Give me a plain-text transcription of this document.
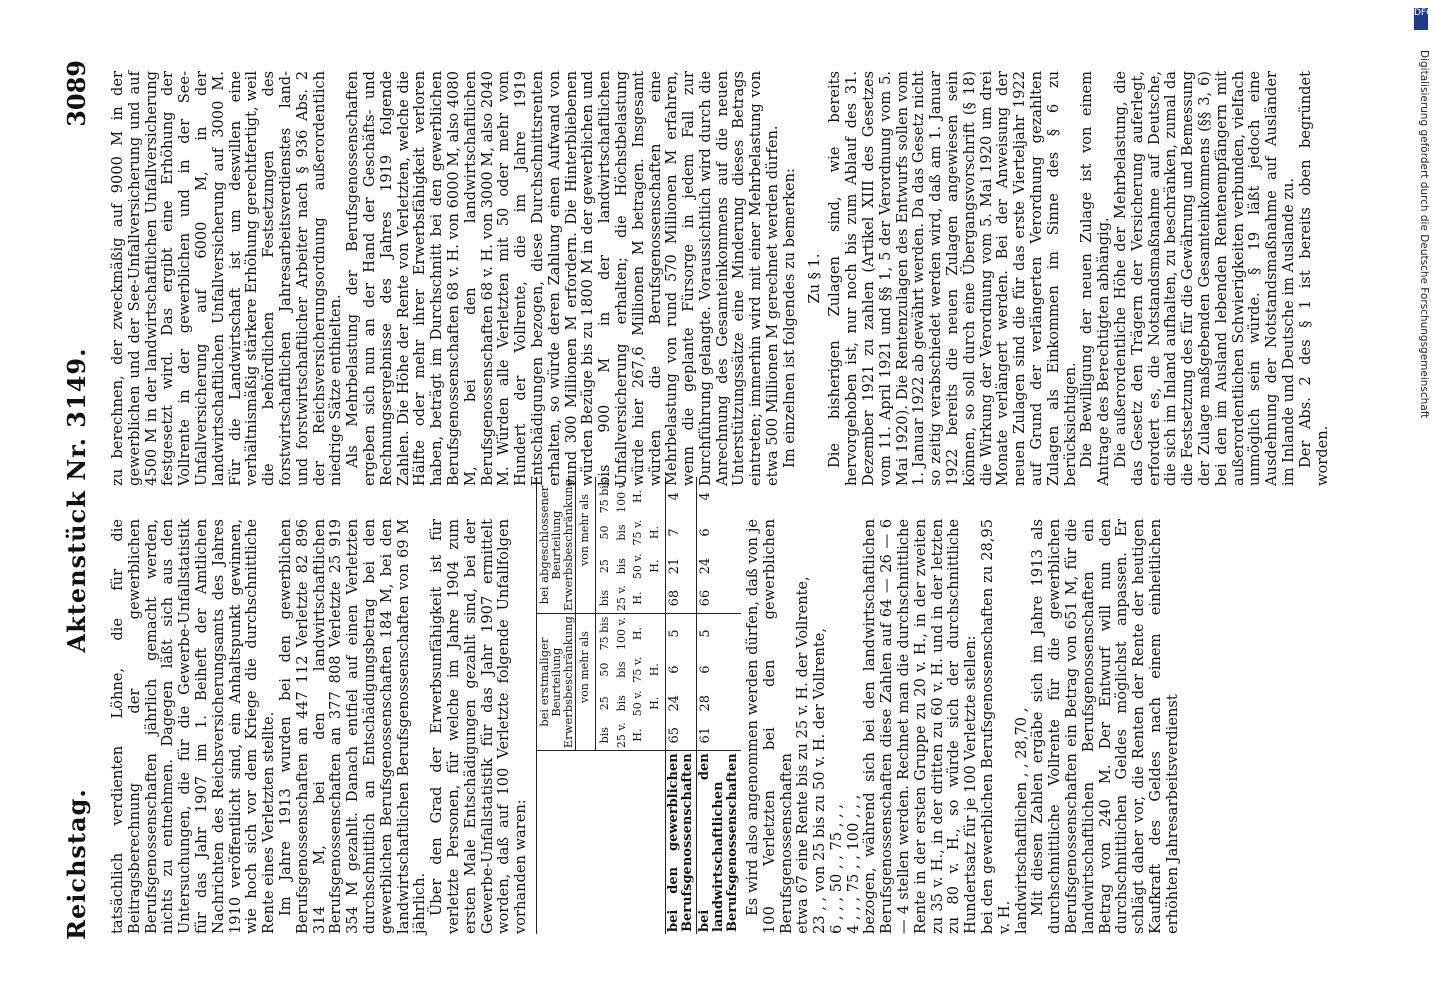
Reichstag.
Aktenstück Nr. 3149.
3089

tatsächlich verdienten Löhne, die für die Beitragsberechnung der gewerblichen Berufsgenossenschaften jährlich gemacht werden, nichts zu entnehmen. Dagegen läßt sich aus den Untersuchungen, die für die Gewerbe-Unfallstatistik für das Jahr 1907 im 1. Beiheft der Amtlichen Nachrichten des Reichsversicherungsamts des Jahres 1910 veröffentlicht sind, ein Anhaltspunkt gewinnen, wie hoch sich vor dem Kriege die durchschnittliche Rente eines Verletzten stellte. Im Jahre 1913 wurden bei den gewerblichen Berufsgenossenschaften an 447 112 Verletzte 82 896 314 M, bei den landwirtschaftlichen Berufsgenossenschaften an 377 808 Verletzte 25 919 354 M gezahlt. Danach entfiel auf einen Verletzten durchschnittlich an Entschädigungsbetrag bei den gewerblichen Berufsgenossenschaften 184 M, bei den landwirtschaftlichen Berufsgenossenschaften von 69 M jährlich. Über den Grad der Erwerbsunfähigkeit ist für verletzte Personen, für welche im Jahre 1904 zum ersten Male Entschädigungen gezahlt sind, bei der Gewerbe-Unfallstatistik für das Jahr 1907 ermittelt worden, daß auf 100 Verletzte folgende Unfallfolgen vorhanden waren:

	bei erstmaliger Beurteilung
Erwerbsbeschränkung				bei abgeschlossener Beurteilung
Erwerbsbeschränkung			
		von mehr als				von mehr als		
	bis 25 v. H.	25 bis 50 v. H.	50 bis 75 v. H.	75 bis 100 v. H.	bis 25 v. H.	25 bis 50 v. H.	50 bis 75 v. H.	75 bis 100 v. H.
bei den gewerblichen Berufsgenossenschaften	65	24	6	5	68	21	7	4
bei den landwirtschaftlichen Berufsgenossenschaften	61	28	6	5	66	24	6	4

Es wird also angenommen werden dürfen, daß von je 100 Verletzten bei den gewerblichen Berufsgenossenschaften etwa 67 eine Rente bis zu 25 v. H. der Vollrente, 23 , , von 25 bis zu 50 v. H. der Vollrente, 6 , , , 50 , , 75 , , , 4 , , , 75 , , 100 , , , bezogen, während sich bei den landwirtschaftlichen Berufsgenossenschaften diese Zahlen auf 64 — 26 — 6 — 4 stellen werden. Rechnet man die durchschnittliche Rente in der ersten Gruppe zu 20 v. H., in der zweiten zu 35 v. H., in der dritten zu 60 v. H. und in der letzten zu 80 v. H., so würde sich der durchschnittliche Hundertsatz für je 100 Verletzte stellen: bei den gewerblichen Berufsgenossenschaften zu 28,95 v. H. landwirtschaftlichen , , 28,70 , Mit diesen Zahlen ergäbe sich im Jahre 1913 als durchschnittliche Vollrente für die gewerblichen Berufsgenossenschaften ein Betrag von 651 M, für die landwirtschaftlichen Berufsgenossenschaften ein Betrag von 240 M. Der Entwurf will nun den durchschnittlichen Geldes möglichst anpassen. Er schlägt daher vor, die Renten der Rente der heutigen Kaufkraft des Geldes nach einem einheitlichen erhöhten Jahresarbeitsverdienst

zu berechnen, der zweckmäßig auf 9000 M in der gewerblichen und der See-Unfallversicherung und auf 4500 M in der landwirtschaftlichen Unfallversicherung festgesetzt wird. Das ergibt eine Erhöhung der Vollrente in der gewerblichen und in der See-Unfallversicherung auf 6000 M, in der landwirtschaftlichen Unfallversicherung auf 3000 M. Für die Landwirtschaft ist um deswillen eine verhältnismäßig stärkere Erhöhung gerechtfertigt, weil die behördlichen Festsetzungen des forstwirtschaftlichen Jahresarbeitsverdienstes land- und forstwirtschaftlicher Arbeiter nach § 936 Abs. 2 der Reichsversicherungsordnung außerordentlich niedrige Sätze enthielten. Als Mehrbelastung der Berufsgenossenschaften ergeben sich nun an der Hand der Geschäfts- und Rechnungsergebnisse des Jahres 1919 folgende Zahlen. Die Höhe der Rente von Verletzten, welche die Hälfte oder mehr ihrer Erwerbsfähigkeit verloren haben, beträgt im Durchschnitt bei den gewerblichen Berufsgenossenschaften 68 v. H. von 6000 M, also 4080 M, bei den landwirtschaftlichen Berufsgenossenschaften 68 v. H. von 3000 M, also 2040 M. Würden alle Verletzten mit 50 oder mehr vom Hundert der Vollrente, die im Jahre 1919 Entschädigungen bezogen, diese Durchschnittsrenten erhalten, so würde deren Zahlung einen Aufwand von rund 300 Millionen M erfordern. Die Hinterbliebenen würden Bezüge bis zu 1800 M in der gewerblichen und bis 900 M in der landwirtschaftlichen Unfallversicherung erhalten; die Höchstbelastung würde hier 267,6 Millionen M betragen. Insgesamt würden die Berufsgenossenschaften eine Mehrbelastung von rund 570 Millionen M erfahren, wenn die geplante Fürsorge in jedem Fall zur Durchführung gelangte. Voraussichtlich wird durch die Anrechnung des Gesamteinkommens auf die neuen Unterstützungssätze eine Minderung dieses Betrags eintreten; immerhin wird mit einer Mehrbelastung von etwa 500 Millionen M gerechnet werden dürfen. Im einzelnen ist folgendes zu bemerken: Zu § 1. Die bisherigen Zulagen sind, wie bereits hervorgehoben ist, nur noch bis zum Ablauf des 31. Dezember 1921 zu zahlen (Artikel XIII des Gesetzes vom 11. April 1921 und §§ 1, 5 der Verordnung vom 5. Mai 1920). Die Rentenzulagen des Entwurfs sollen vom 1. Januar 1922 ab gewährt werden. Da das Gesetz nicht so zeitig verabschiedet werden wird, daß am 1. Januar 1922 bereits die neuen Zulagen angewiesen sein können, so soll durch eine Übergangsvorschrift (§ 18) die Wirkung der Verordnung vom 5. Mai 1920 um drei Monate verlängert werden. Bei der Anweisung der neuen Zulagen sind die für das erste Vierteljahr 1922 auf Grund der verlängerten Verordnung gezahlten Zulagen als Einkommen im Sinne des § 6 zu berücksichtigen. Die Bewilligung der neuen Zulage ist von einem Antrage des Berechtigten abhängig. Die außerordentliche Höhe der Mehrbelastung, die das Gesetz den Trägern der Versicherung auferlegt, erfordert es, die Notstandsmaßnahme auf Deutsche, die sich im Inland aufhalten, zu beschränken, zumal da die Festsetzung des für die Gewährung und Bemessung der Zulage maßgebenden Gesamteinkommens (§§ 3, 6) bei den im Ausland lebenden Rentenempfängern mit außerordentlichen Schwierigkeiten verbunden, vielfach unmöglich sein würde. § 19 läßt jedoch eine Ausdehnung der Notstandsmaßnahme auf Ausländer im Inlande und Deutsche im Auslande zu. Der Abs. 2 des § 1 ist bereits oben begründet worden.

DFG
Digitalisierung gefördert durch die Deutsche Forschungsgemeinschaft
